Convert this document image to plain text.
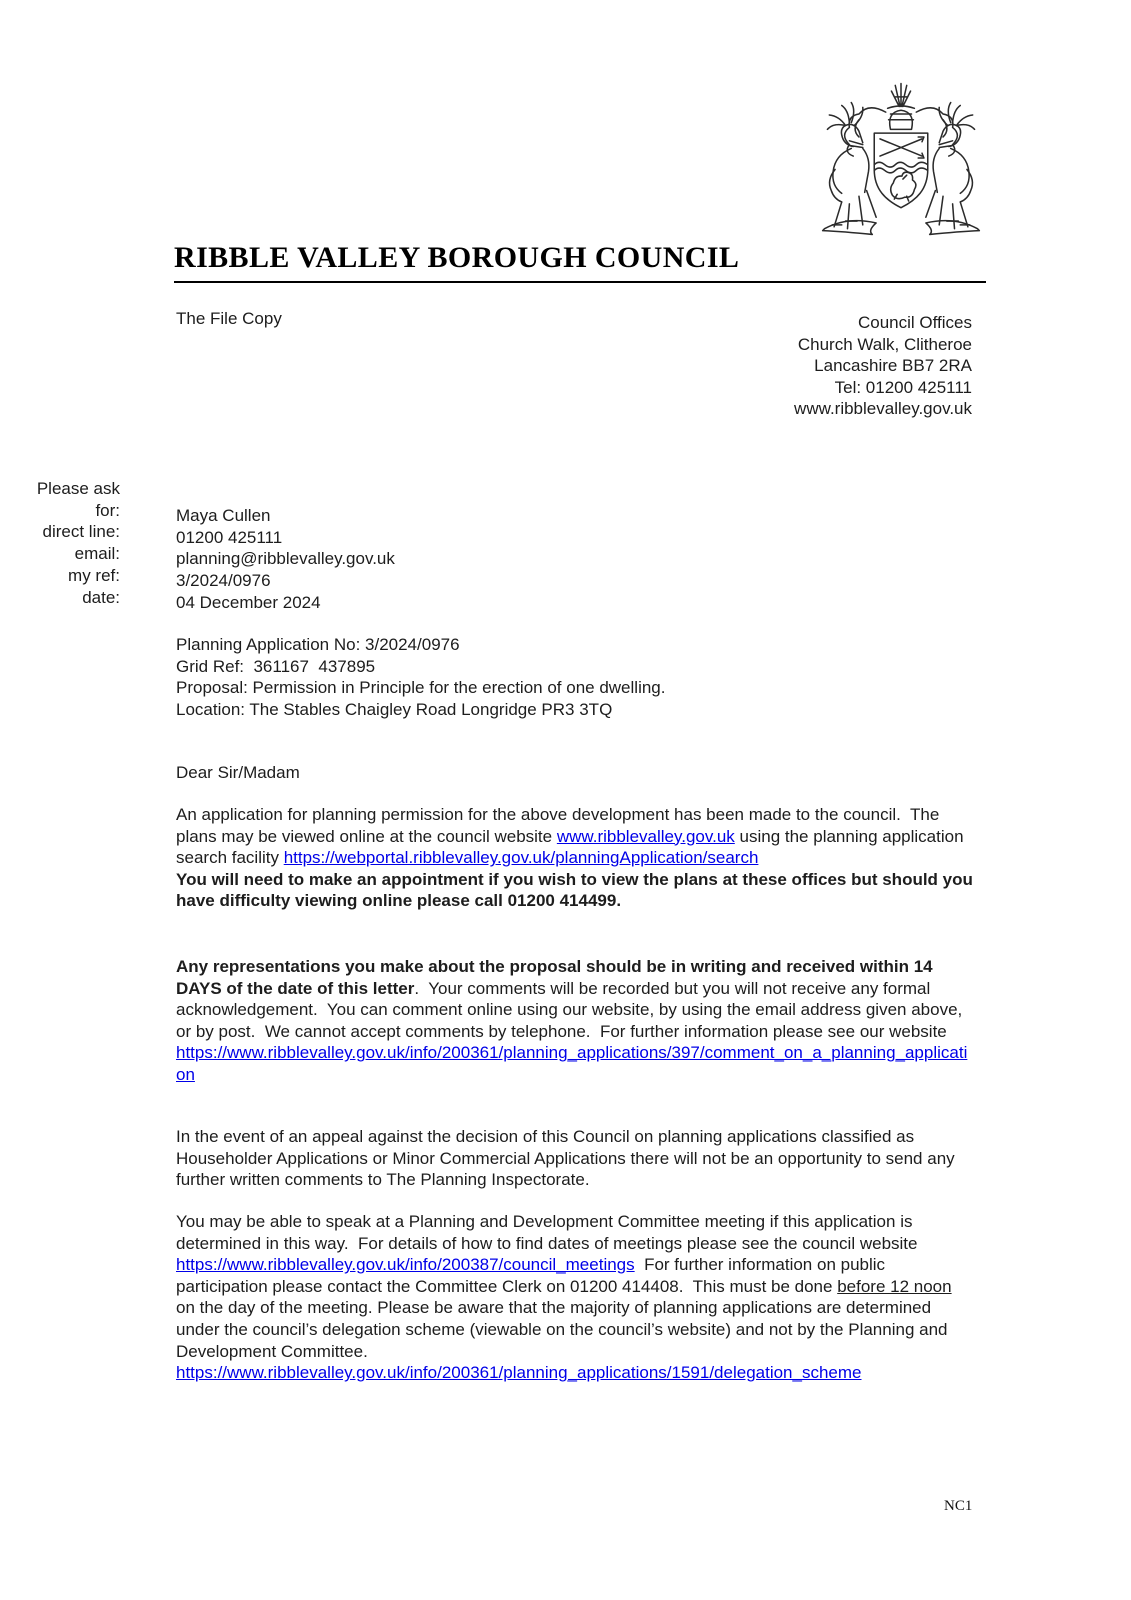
RIBBLE VALLEY BOROUGH COUNCIL
The File Copy	Council Offices
Church Walk, Clitheroe
Lancashire BB7 2RA
Tel: 01200 425111
www.ribblevalley.gov.uk
Please ask
for:
direct line:
email:
my ref:
date:
Maya Cullen
01200 425111
planning@ribblevalley.gov.uk
3/2024/0976
04 December 2024
Planning Application No: 3/2024/0976
Grid Ref:  361167  437895
Proposal: Permission in Principle for the erection of one dwelling.
Location: The Stables Chaigley Road Longridge PR3 3TQ
Dear Sir/Madam
An application for planning permission for the above development has been made to the council.  The plans may be viewed online at the council website www.ribblevalley.gov.uk using the planning application search facility https://webportal.ribblevalley.gov.uk/planningApplication/search
You will need to make an appointment if you wish to view the plans at these offices but should you have difficulty viewing online please call 01200 414499.
Any representations you make about the proposal should be in writing and received within 14 DAYS of the date of this letter.  Your comments will be recorded but you will not receive any formal acknowledgement.  You can comment online using our website, by using the email address given above, or by post.  We cannot accept comments by telephone.  For further information please see our website
https://www.ribblevalley.gov.uk/info/200361/planning_applications/397/comment_on_a_planning_application
In the event of an appeal against the decision of this Council on planning applications classified as Householder Applications or Minor Commercial Applications there will not be an opportunity to send any further written comments to The Planning Inspectorate.
You may be able to speak at a Planning and Development Committee meeting if this application is determined in this way.  For details of how to find dates of meetings please see the council website https://www.ribblevalley.gov.uk/info/200387/council_meetings  For further information on public participation please contact the Committee Clerk on 01200 414408.  This must be done before 12 noon on the day of the meeting. Please be aware that the majority of planning applications are determined under the council’s delegation scheme (viewable on the council’s website) and not by the Planning and Development Committee.
https://www.ribblevalley.gov.uk/info/200361/planning_applications/1591/delegation_scheme
NC1
